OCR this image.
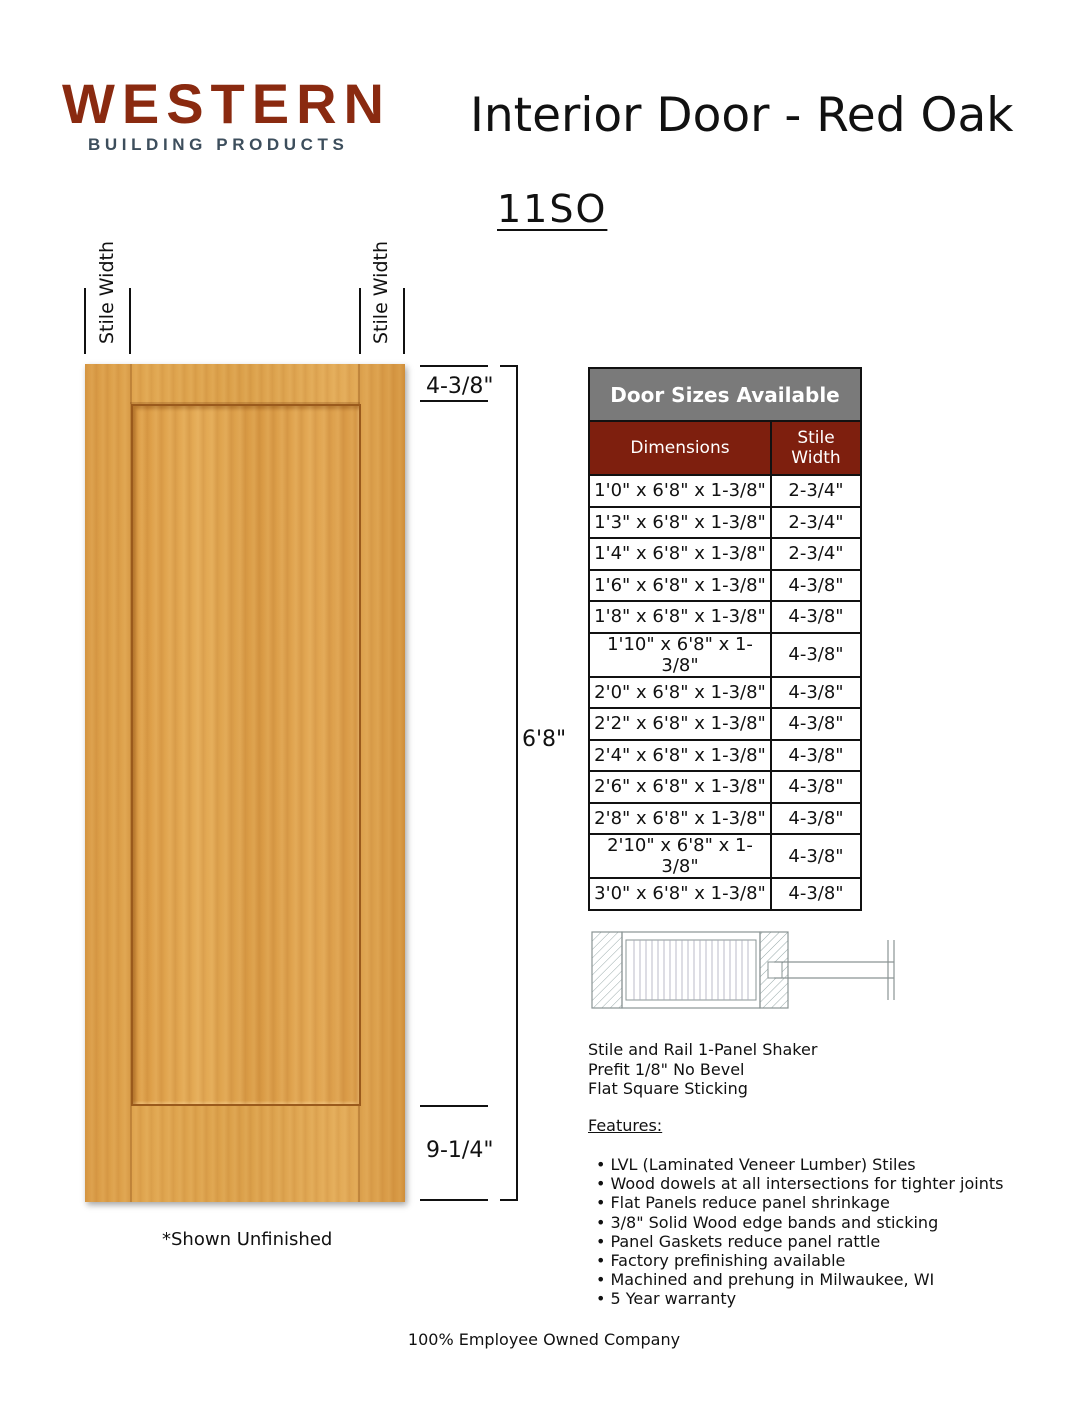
WESTERN
BUILDING PRODUCTS
Interior Door - Red Oak
11SO
Stile Width	Stile Width
4-3/8"
6'8"
9-1/4"
*Shown Unfinished
Door Sizes Available	
Dimensions	Stile
Width
1'0" x 6'8" x 1-3/8"	2-3/4"
1'3" x 6'8" x 1-3/8"	2-3/4"
1'4" x 6'8" x 1-3/8"	2-3/4"
1'6" x 6'8" x 1-3/8"	4-3/8"
1'8" x 6'8" x 1-3/8"	4-3/8"
1'10" x 6'8" x 1-3/8"	4-3/8"
2'0" x 6'8" x 1-3/8"	4-3/8"
2'2" x 6'8" x 1-3/8"	4-3/8"
2'4" x 6'8" x 1-3/8"	4-3/8"
2'6" x 6'8" x 1-3/8"	4-3/8"
2'8" x 6'8" x 1-3/8"	4-3/8"
2'10" x 6'8" x 1-3/8"	4-3/8"
3'0" x 6'8" x 1-3/8"	4-3/8"
Stile and Rail 1-Panel Shaker
Prefit 1/8" No Bevel
Flat Square Sticking
Features:
• LVL (Laminated Veneer Lumber) Stiles
• Wood dowels at all intersections for tighter joints
• Flat Panels reduce panel shrinkage
• 3/8" Solid Wood edge bands and sticking
• Panel Gaskets reduce panel rattle
• Factory prefinishing available
• Machined and prehung in Milwaukee, WI
• 5 Year warranty
100% Employee Owned Company
